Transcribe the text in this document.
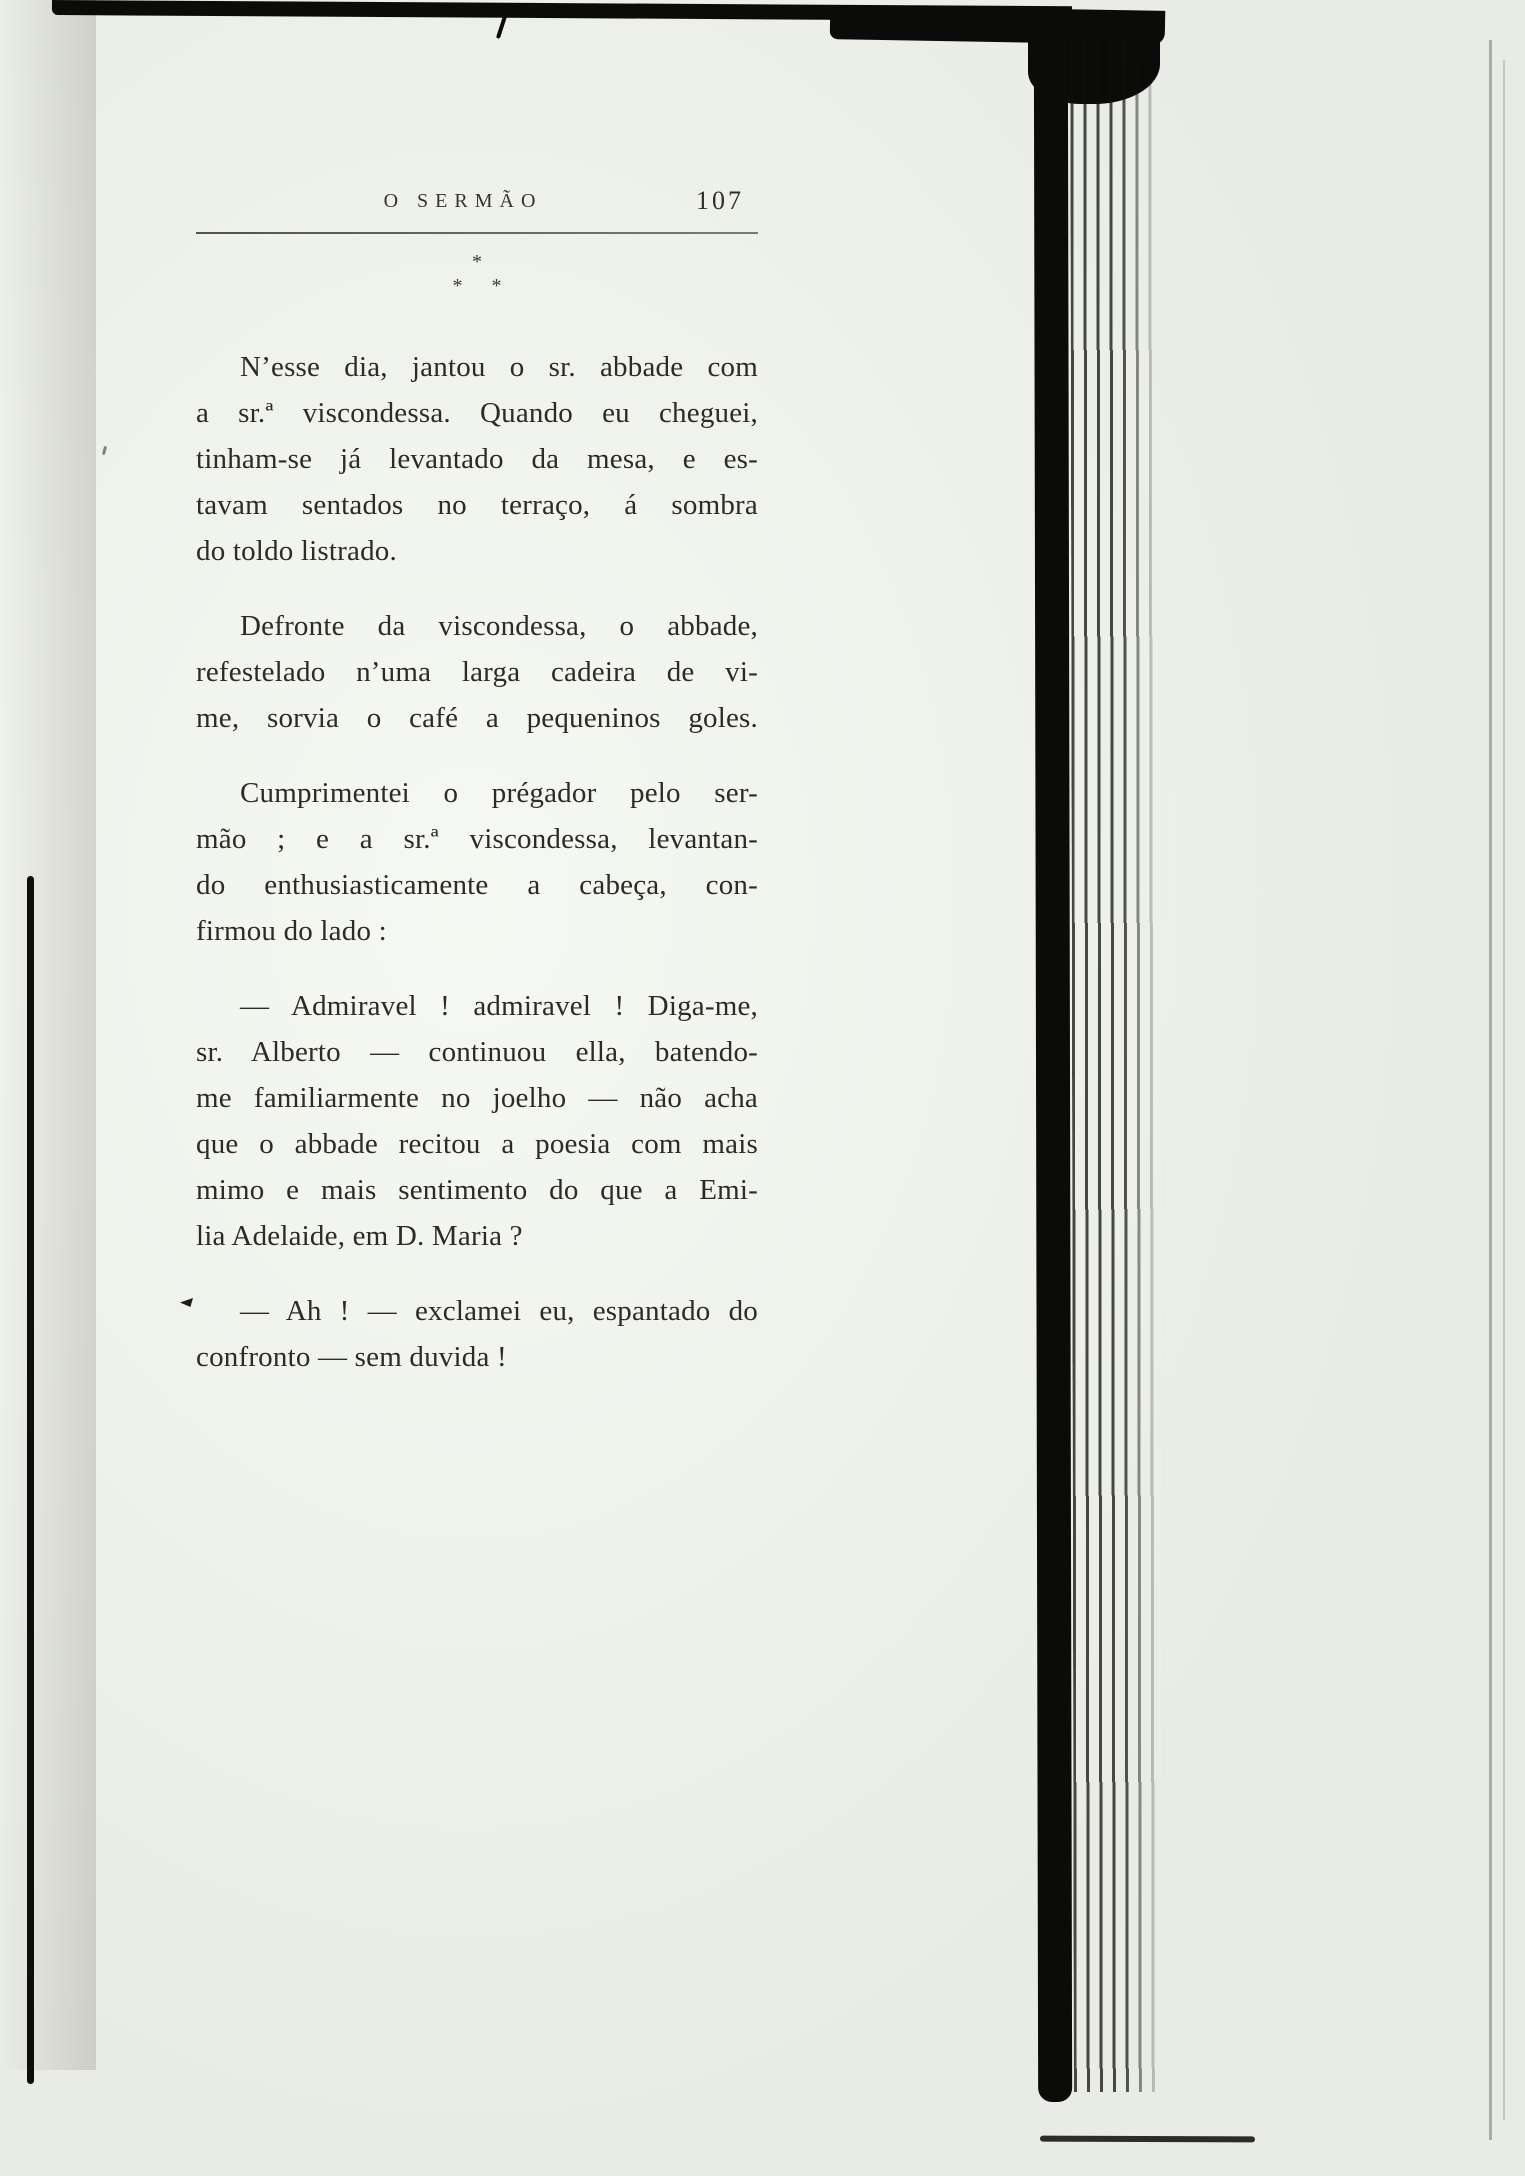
O SERMÃO	107
*
* *

N’esse dia, jantou o sr. abbade com
a sr.ª viscondessa. Quando eu cheguei,
tinham-se já levantado da mesa, e es-
tavam sentados no terraço, á sombra
do toldo listrado.

Defronte da viscondessa, o abbade,
refestelado n’uma larga cadeira de vi-
me, sorvia o café a pequeninos goles.

Cumprimentei o prégador pelo ser-
mão ; e a sr.ª viscondessa, levantan-
do enthusiasticamente a cabeça, con-
firmou do lado :

— Admiravel ! admiravel ! Diga-me,
sr. Alberto — continuou ella, batendo-
me familiarmente no joelho — não acha
que o abbade recitou a poesia com mais
mimo e mais sentimento do que a Emi-
lia Adelaide, em D. Maria ?

— Ah ! — exclamei eu, espantado do
confronto — sem duvida !
